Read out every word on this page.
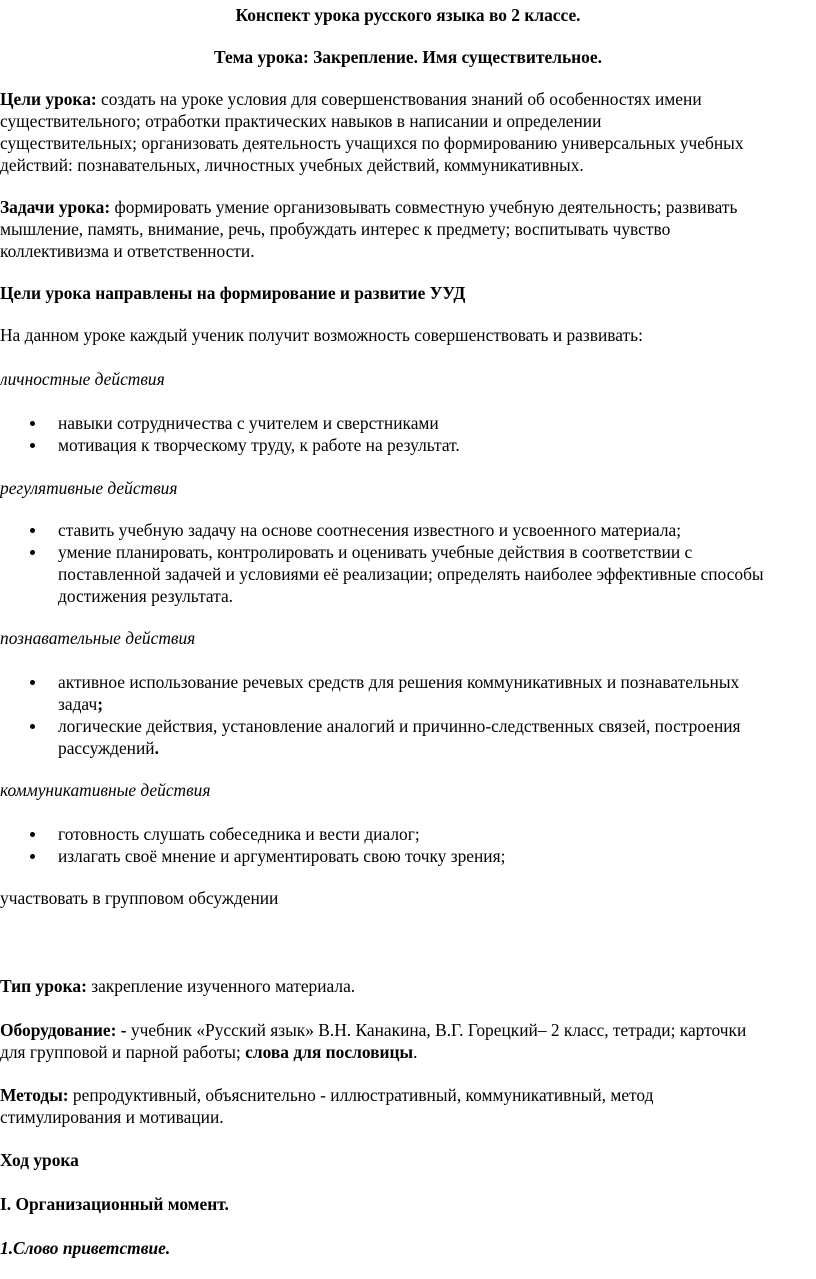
Конспект урока русского языка во 2 классе.

Тема урока: Закрепление. Имя существительное.

Цели урока: создать на уроке условия для совершенствования знаний об особенностях имени

существительного; отработки практических навыков в написании и определении

существительных; организовать деятельность учащихся по формированию универсальных учебных

действий: познавательных, личностных учебных действий, коммуникативных.

Задачи урока: формировать умение организовывать совместную учебную деятельность; развивать

мышление, память, внимание, речь, пробуждать интерес к предмету; воспитывать чувство

коллективизма и ответственности.

Цели урока направлены на формирование и развитие УУД

На данном уроке каждый ученик получит возможность совершенствовать и развивать:

личностные действия

навыки сотрудничества с учителем и сверстниками

мотивация к творческому труду, к работе на результат.

регулятивные действия

ставить учебную задачу на основе соотнесения известного и усвоенного материала;

умение планировать, контролировать и оценивать учебные действия в соответствии с

поставленной задачей и условиями её реализации; определять наиболее эффективные способы

достижения результата.

познавательные действия

активное использование речевых средств для решения коммуникативных и познавательных

задач;

логические действия, установление аналогий и причинно-следственных связей, построения

рассуждений.

коммуникативные действия

готовность слушать собеседника и вести диалог;

излагать своё мнение и аргументировать свою точку зрения;

участвовать в групповом обсуждении

Тип урока: закрепление изученного материала.

Оборудование: - учебник «Русский язык» В.Н. Канакина, В.Г. Горецкий– 2 класс, тетради; карточки

для групповой и парной работы; слова для пословицы.

Методы: репродуктивный, объяснительно - иллюстративный, коммуникативный, метод

стимулирования и мотивации.

Ход урока

I. Организационный момент.

1.Слово приветствие.
